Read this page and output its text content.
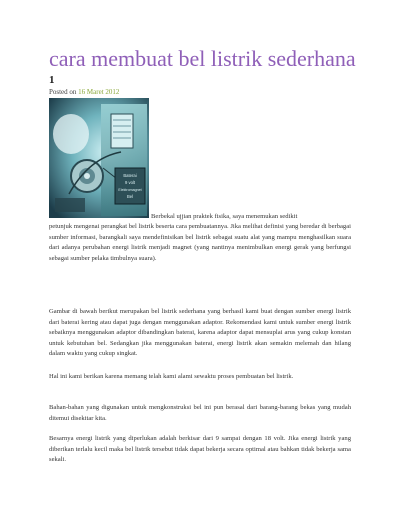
cara membuat bel listrik sederhana
1
Posted on 16 Maret 2012
Baterai
9 volt
Elektromagnet
Bel

Berbekal ujjian praktek fisika, saya menemukan sedikit

petunjuk mengenai perangkat bel listrik beserta cara pembuatannya. Jika melihat definisi yang beredar di berbagai sumber informasi, barangkali saya mendefinisikan bel listrik sebagai suatu alat yang mampu menghasilkan suara dari adanya perubahan energi listrik menjadi magnet (yang nantinya menimbulkan energi gerak yang berfungsi sebagai sumber pelaka timbulnya suara).

Gambar di bawah berikut merupakan bel listrik sederhana yang berhasil kami buat dengan sumber energi listrik dari baterai kering atau dapat juga dengan menggunakan adaptor. Rekomendasi kami untuk sumber energi listrik sebaiknya menggunakan adaptor dibandingkan baterai, karena adaptor dapat mensuplai arus yang cukup konstan untuk kebutuhan bel. Sedangkan jika menggunakan baterai, energi listrik akan semakin melemah dan hilang dalam waktu yang cukup singkat.

Hal ini kami berikan karena memang telah kami alami sewaktu proses pembuatan bel listrik.

Bahan-bahan yang digunakan untuk mengkonstruksi bel ini pun berasal dari barang-barang bekas yang mudah ditemui disekitar kita.

Besarnya energi listrik yang diperlukan adalah berkisar dari 9 sampai dengan 18 volt. Jika energi listrik yang diberikan terlalu kecil maka bel listrik tersebut tidak dapat bekerja secara optimal atau bahkan tidak bekerja sama sekali.
